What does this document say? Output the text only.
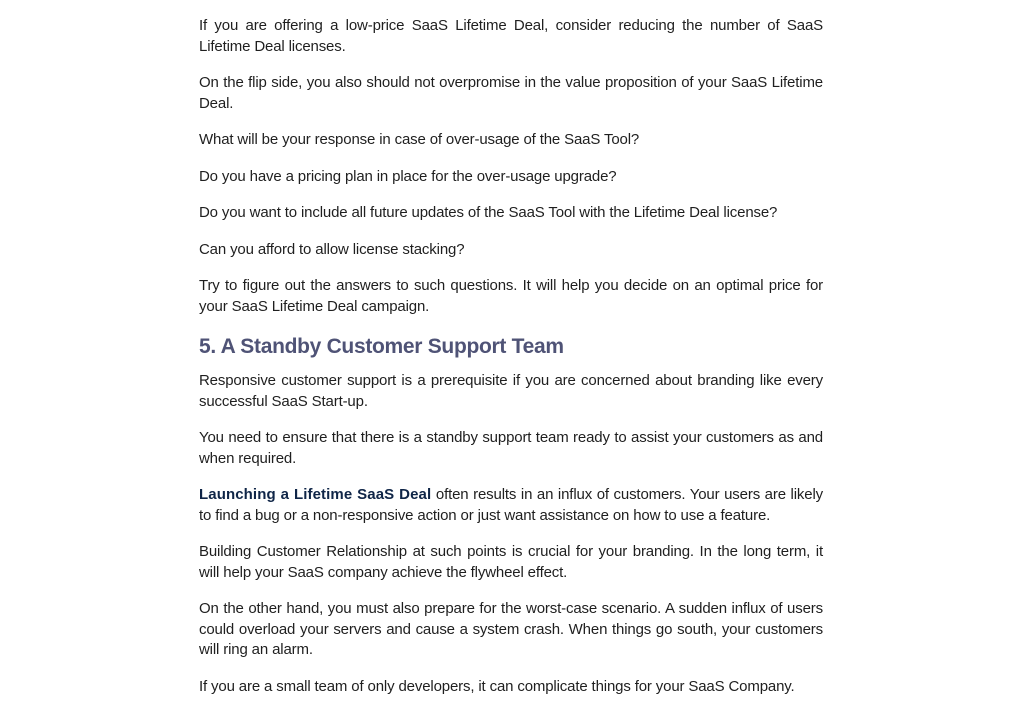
If you are offering a low-price SaaS Lifetime Deal, consider reducing the number of SaaS Lifetime Deal licenses.

On the flip side, you also should not overpromise in the value proposition of your SaaS Lifetime Deal.

What will be your response in case of over-usage of the SaaS Tool?

Do you have a pricing plan in place for the over-usage upgrade?

Do you want to include all future updates of the SaaS Tool with the Lifetime Deal license?

Can you afford to allow license stacking?

Try to figure out the answers to such questions. It will help you decide on an optimal price for your SaaS Lifetime Deal campaign.

5. A Standby Customer Support Team

Responsive customer support is a prerequisite if you are concerned about branding like every successful SaaS Start-up.

You need to ensure that there is a standby support team ready to assist your customers as and when required.

Launching a Lifetime SaaS Deal often results in an influx of customers. Your users are likely to find a bug or a non-responsive action or just want assistance on how to use a feature.

Building Customer Relationship at such points is crucial for your branding. In the long term, it will help your SaaS company achieve the flywheel effect.

On the other hand, you must also prepare for the worst-case scenario. A sudden influx of users could overload your servers and cause a system crash. When things go south, your customers will ring an alarm.

If you are a small team of only developers, it can complicate things for your SaaS Company.
